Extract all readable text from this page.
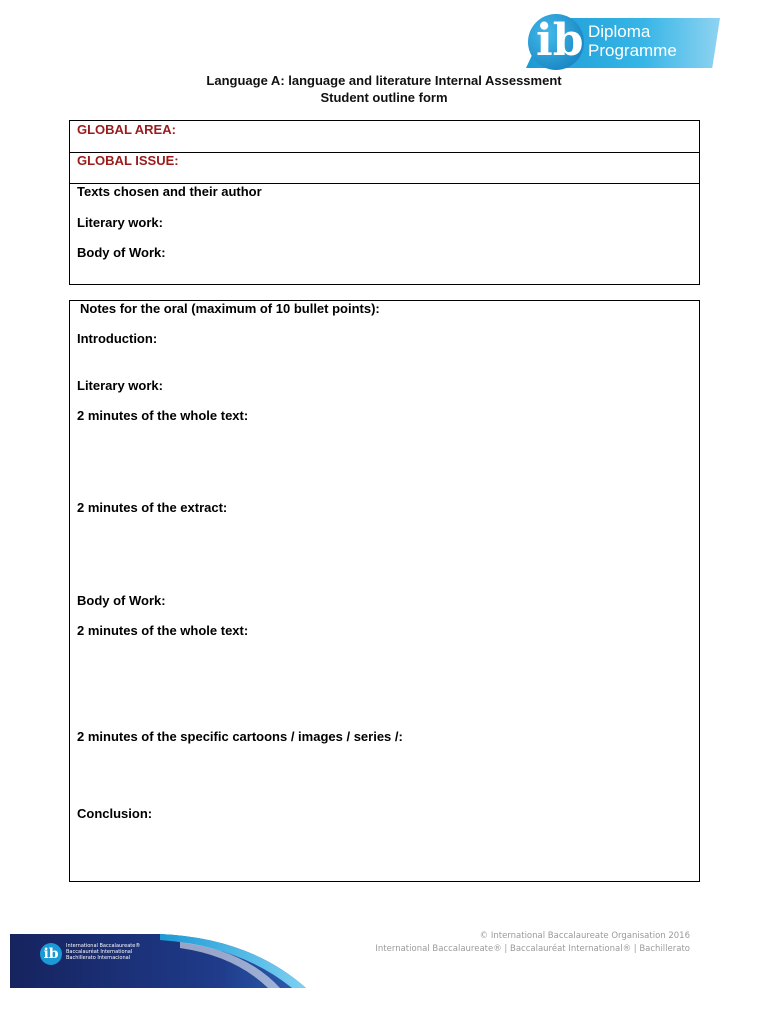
ib Diploma
Programme
Language A: language and literature Internal Assessment
Student outline form
GLOBAL AREA:
GLOBAL ISSUE:
Texts chosen and their author
Literary work:
Body of Work:
Notes for the oral (maximum of 10 bullet points):
Introduction:
Literary work:
2 minutes of the whole text:
2 minutes of the extract:
Body of Work:
2 minutes of the whole text:
2 minutes of the specific cartoons / images / series /:
Conclusion:
ib	International Baccalaureate®
Baccalauréat International
Bachillerato Internacional
© International Baccalaureate Organisation 2016
International Baccalaureate® | Baccalauréat International® | Bachillerato
